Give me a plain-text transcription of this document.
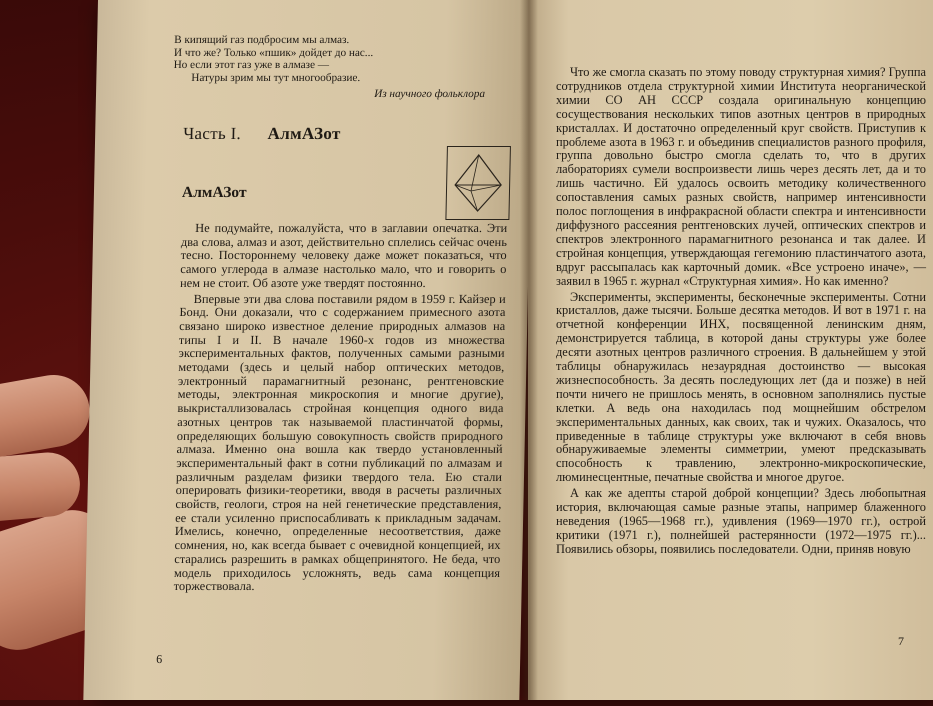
В кипящий газ подбросим мы алмаз.
И что же? Только «пшик» дойдет до нас...
Но если этот газ уже в алмазе —
Натуры зрим мы тут многообразие.
Из научного фольклора
Часть I. АлмАЗот
АлмАЗот

Не подумайте, пожалуйста, что в заглавии опечатка. Эти два слова, алмаз и азот, действительно сплелись сейчас очень тесно. Постороннему человеку даже может показаться, что самого углерода в алмазе настолько мало, что и говорить о нем не стоит. Об азоте уже твердят постоянно.

Впервые эти два слова поставили рядом в 1959 г. Кайзер и Бонд. Они доказали, что с содержанием примесного азота связано широко известное деление природных алмазов на типы I и II. В начале 1960-х годов из множества экспериментальных фактов, полученных самыми разными методами (здесь и целый набор оптических методов, электронный парамагнитный резонанс, рентгеновские методы, электронная микроскопия и многие другие), выкристаллизовалась стройная концепция одного вида азотных центров так называемой пластинчатой формы, определяющих большую совокупность свойств природного алмаза. Именно она вошла как твердо установленный экспериментальный факт в сотни публикаций по алмазам и различным разделам физики твердого тела. Ею стали оперировать физики-теоретики, вводя в расчеты различных свойств, геологи, строя на ней генетические представления, ее стали усиленно приспосабливать к прикладным задачам. Имелись, конечно, определенные несоответствия, даже сомнения, но, как всегда бывает с очевидной концепцией, их старались разрешить в рамках общепринятого. Не беда, что модель приходилось усложнять, ведь сама концепция торжествовала.

6

Что же смогла сказать по этому поводу структурная химия? Группа сотрудников отдела структурной химии Института неорганической химии СО АН СССР создала оригинальную концепцию сосуществования нескольких типов азотных центров в природных кристаллах. И достаточно определенный круг свойств. Приступив к проблеме азота в 1963 г. и объединив специалистов разного профиля, группа довольно быстро смогла сделать то, что в других лабораториях сумели воспроизвести лишь через десять лет, да и то лишь частично. Ей удалось освоить методику количественного сопоставления самых разных свойств, например интенсивности полос поглощения в инфракрасной области спектра и интенсивности диффузного рассеяния рентгеновских лучей, оптических спектров и спектров электронного парамагнитного резонанса и так далее. И стройная концепция, утверждающая гегемонию пластинчатого азота, вдруг рассыпалась как карточный домик. «Все устроено иначе», — заявил в 1965 г. журнал «Структурная химия». Но как именно?

Эксперименты, эксперименты, бесконечные эксперименты. Сотни кристаллов, даже тысячи. Больше десятка методов. И вот в 1971 г. на отчетной конференции ИНХ, посвященной ленинским дням, демонстрируется таблица, в которой даны структуры уже более десяти азотных центров различного строения. В дальнейшем у этой таблицы обнаружилась незаурядная достоинство — высокая жизнеспособность. За десять последующих лет (да и позже) в ней почти ничего не пришлось менять, в основном заполнялись пустые клетки. А ведь она находилась под мощнейшим обстрелом экспериментальных данных, как своих, так и чужих. Оказалось, что приведенные в таблице структуры уже включают в себя вновь обнаруживаемые элементы симметрии, умеют предсказывать способность к травлению, электронно-микроскопические, люминесцентные, печатные свойства и многое другое.

А как же адепты старой доброй концепции? Здесь любопытная история, включающая самые разные этапы, например блаженного неведения (1965—1968 гг.), удивления (1969—1970 гг.), острой критики (1971 г.), полнейшей растерянности (1972—1975 гг.)... Появились обзоры, появились последователи. Одни, приняв новую

7
